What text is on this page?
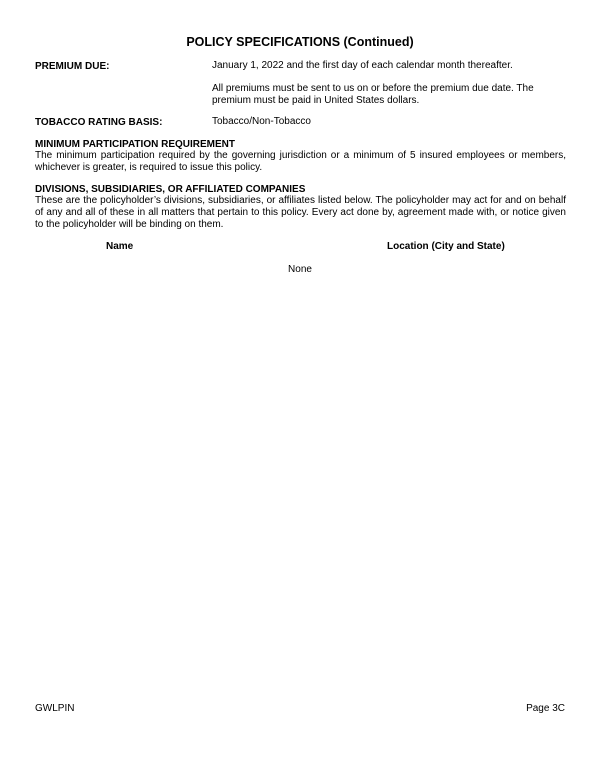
POLICY SPECIFICATIONS (Continued)
PREMIUM DUE:	January 1, 2022 and the first day of each calendar month thereafter.
All premiums must be sent to us on or before the premium due date. The premium must be paid in United States dollars.
TOBACCO RATING BASIS:	Tobacco/Non-Tobacco
MINIMUM PARTICIPATION REQUIREMENT
The minimum participation required by the governing jurisdiction or a minimum of 5 insured employees or members, whichever is greater, is required to issue this policy.
DIVISIONS, SUBSIDIARIES, OR AFFILIATED COMPANIES
These are the policyholder’s divisions, subsidiaries, or affiliates listed below. The policyholder may act for and on behalf of any and all of these in all matters that pertain to this policy. Every act done by, agreement made with, or notice given to the policyholder will be binding on them.
Name	Location (City and State)
None
GWLPIN	Page 3C
